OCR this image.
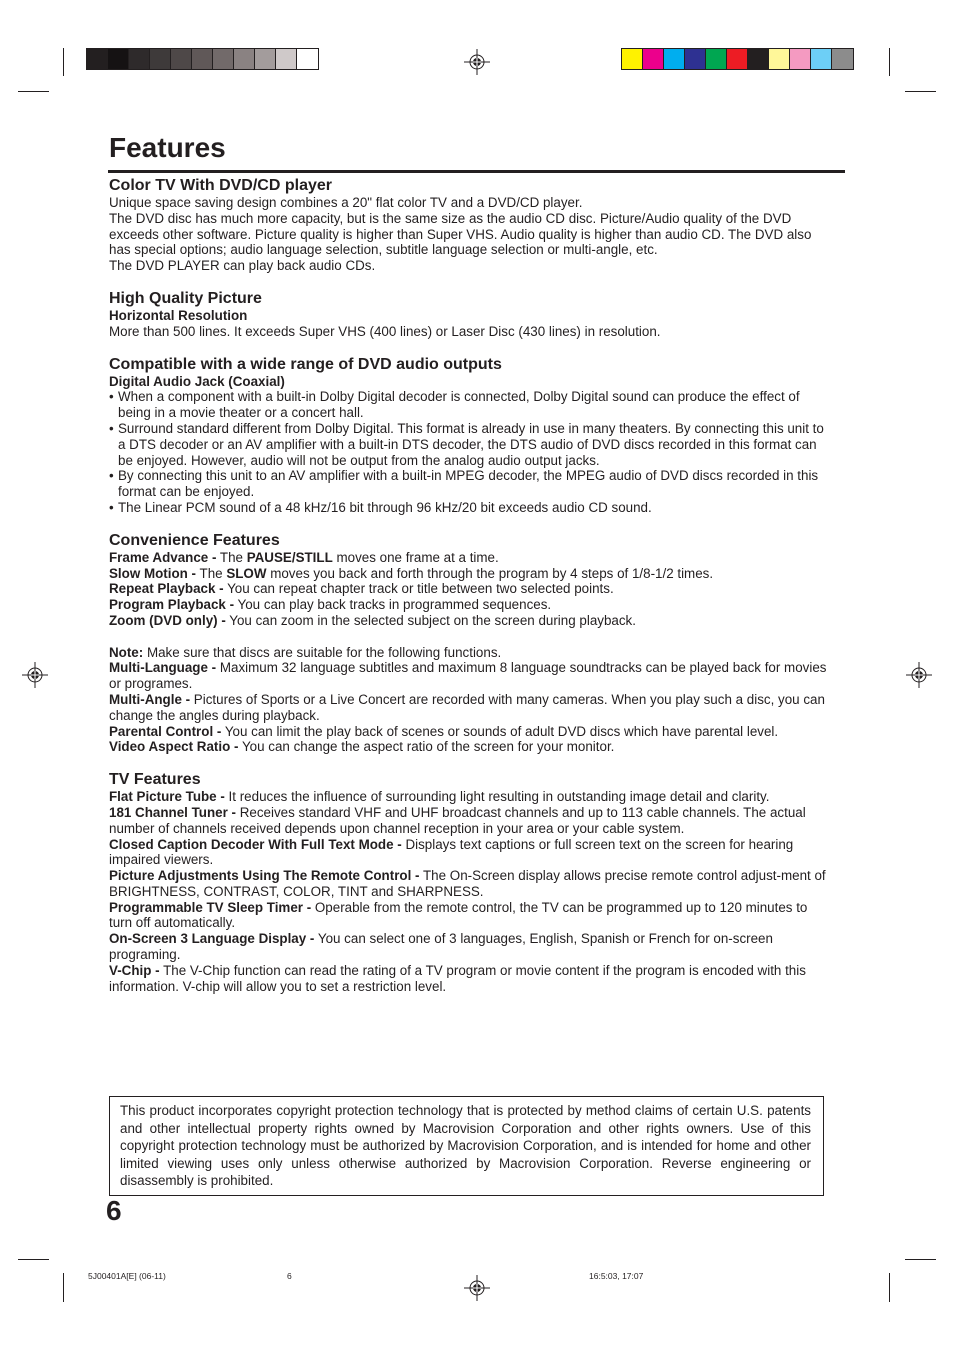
Features
Color TV With DVD/CD player

Unique space saving design combines a 20" flat color TV and a DVD/CD player.

The DVD disc has much more capacity, but is the same size as the audio CD disc. Picture/Audio quality of the DVD exceeds other software. Picture quality is higher than Super VHS. Audio quality is higher than audio CD. The DVD also has special options; audio language selection, subtitle language selection or multi-angle, etc.

The DVD PLAYER can play back audio CDs.

High Quality Picture

Horizontal Resolution

More than 500 lines. It exceeds Super VHS (400 lines) or Laser Disc (430 lines) in resolution.

Compatible with a wide range of DVD audio outputs

Digital Audio Jack (Coaxial)

• When a component with a built-in Dolby Digital decoder is connected, Dolby Digital sound can produce the effect of being in a movie theater or a concert hall.
• Surround standard different from Dolby Digital. This format is already in use in many theaters. By connecting this unit to a DTS decoder or an AV amplifier with a built-in DTS decoder, the DTS audio of DVD discs recorded in this format can be enjoyed. However, audio will not be output from the analog audio output jacks.
• By connecting this unit to an AV amplifier with a built-in MPEG decoder, the MPEG audio of DVD discs recorded in this format can be enjoyed.
• The Linear PCM sound of a 48 kHz/16 bit through 96 kHz/20 bit exceeds audio CD sound.
Convenience Features

Frame Advance - The PAUSE/STILL moves one frame at a time.

Slow Motion - The SLOW moves you back and forth through the program by 4 steps of 1/8-1/2 times.

Repeat Playback - You can repeat chapter track or title between two selected points.

Program Playback - You can play back tracks in programmed sequences.

Zoom (DVD only) - You can zoom in the selected subject on the screen during playback.

Note: Make sure that discs are suitable for the following functions.

Multi-Language - Maximum 32 language subtitles and maximum 8 language soundtracks can be played back for movies or programes.

Multi-Angle - Pictures of Sports or a Live Concert are recorded with many cameras. When you play such a disc, you can change the angles during playback.

Parental Control - You can limit the play back of scenes or sounds of adult DVD discs which have parental level.

Video Aspect Ratio - You can change the aspect ratio of the screen for your monitor.

TV Features

Flat Picture Tube - It reduces the influence of surrounding light resulting in outstanding image detail and clarity.

181 Channel Tuner - Receives standard VHF and UHF broadcast channels and up to 113 cable channels. The actual number of channels received depends upon channel reception in your area or your cable system.

Closed Caption Decoder With Full Text Mode - Displays text captions or full screen text on the screen for hearing impaired viewers.

Picture Adjustments Using The Remote Control - The On-Screen display allows precise remote control adjust-ment of BRIGHTNESS, CONTRAST, COLOR, TINT and SHARPNESS.

Programmable TV Sleep Timer - Operable from the remote control, the TV can be programmed up to 120 minutes to turn off automatically.

On-Screen 3 Language Display - You can select one of 3 languages, English, Spanish or French for on-screen programing.

V-Chip - The V-Chip function can read the rating of a TV program or movie content if the program is encoded with this information. V-chip will allow you to set a restriction level.

This product incorporates copyright protection technology that is protected by method claims of certain U.S. patents and other intellectual property rights owned by Macrovision Corporation and other rights owners. Use of this copyright protection technology must be authorized by Macrovision Corporation, and is intended for home and other limited viewing uses only unless otherwise authorized by Macrovision Corporation. Reverse engineering or disassembly is prohibited.
6
5J00401A[E] (06-11)	6	16:5:03, 17:07
